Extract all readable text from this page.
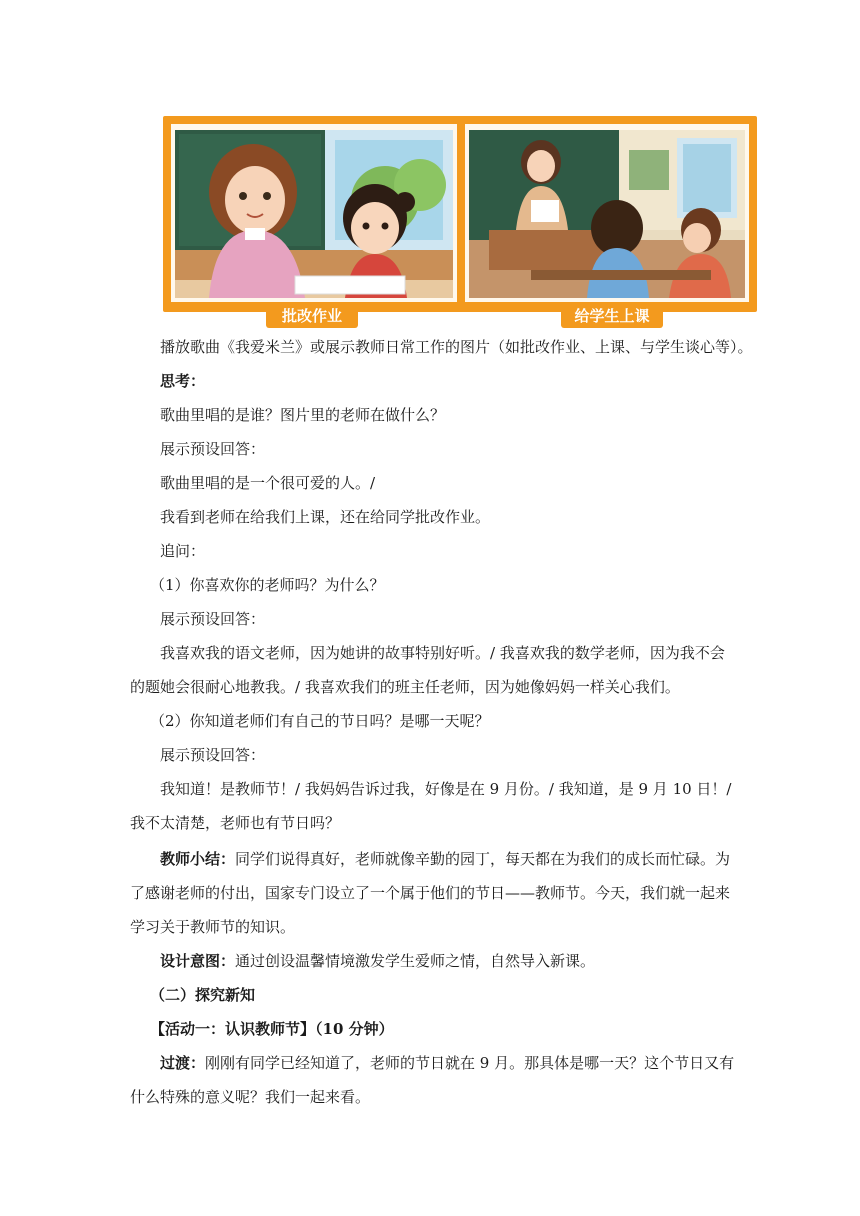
批改作业	给学生上课
播放歌曲《我爱米兰》或展示教师日常工作的图片（如批改作业、上课、与学生谈心等）。
思考：
歌曲里唱的是谁？图片里的老师在做什么？
展示预设回答：
歌曲里唱的是一个很可爱的人。/
我看到老师在给我们上课，还在给同学批改作业。
追问：
（1）你喜欢你的老师吗？为什么？
展示预设回答：
我喜欢我的语文老师，因为她讲的故事特别好听。/ 我喜欢我的数学老师，因为我不会
的题她会很耐心地教我。/ 我喜欢我们的班主任老师，因为她像妈妈一样关心我们。
（2）你知道老师们有自己的节日吗？是哪一天呢？
展示预设回答：
我知道！是教师节！/ 我妈妈告诉过我，好像是在 9 月份。/ 我知道，是 9 月 10 日！/
我不太清楚，老师也有节日吗？
教师小结：同学们说得真好，老师就像辛勤的园丁，每天都在为我们的成长而忙碌。为
了感谢老师的付出，国家专门设立了一个属于他们的节日——教师节。今天，我们就一起来
学习关于教师节的知识。
设计意图：通过创设温馨情境激发学生爱师之情，自然导入新课。
（二）探究新知
【活动一：认识教师节】（10 分钟）
过渡：刚刚有同学已经知道了，老师的节日就在 9 月。那具体是哪一天？这个节日又有
什么特殊的意义呢？我们一起来看。
